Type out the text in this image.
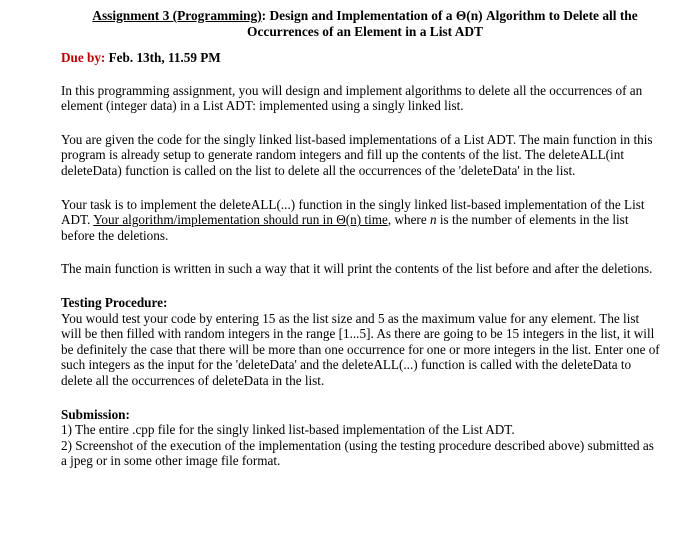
Assignment 3 (Programming): Design and Implementation of a Θ(n) Algorithm to Delete all the
Occurrences of an Element in a List ADT
Due by: Feb. 13th, 11.59 PM

In this programming assignment, you will design and implement algorithms to delete all the occurrences of an element (integer data) in a List ADT: implemented using a singly linked list.

You are given the code for the singly linked list-based implementations of a List ADT. The main function in this program is already setup to generate random integers and fill up the contents of the list. The deleteALL(int deleteData) function is called on the list to delete all the occurrences of the 'deleteData' in the list.

Your task is to implement the deleteALL(...) function in the singly linked list-based implementation of the List ADT. Your algorithm/implementation should run in Θ(n) time, where n is the number of elements in the list before the deletions.

The main function is written in such a way that it will print the contents of the list before and after the deletions.

Testing Procedure:

You would test your code by entering 15 as the list size and 5 as the maximum value for any element. The list will be then filled with random integers in the range [1...5]. As there are going to be 15 integers in the list, it will be definitely the case that there will be more than one occurrence for one or more integers in the list. Enter one of such integers as the input for the 'deleteData' and the deleteALL(...) function is called with the deleteData to delete all the occurrences of deleteData in the list.

Submission:

1) The entire .cpp file for the singly linked list-based implementation of the List ADT.

2) Screenshot of the execution of the implementation (using the testing procedure described above) submitted as a jpeg or in some other image file format.
